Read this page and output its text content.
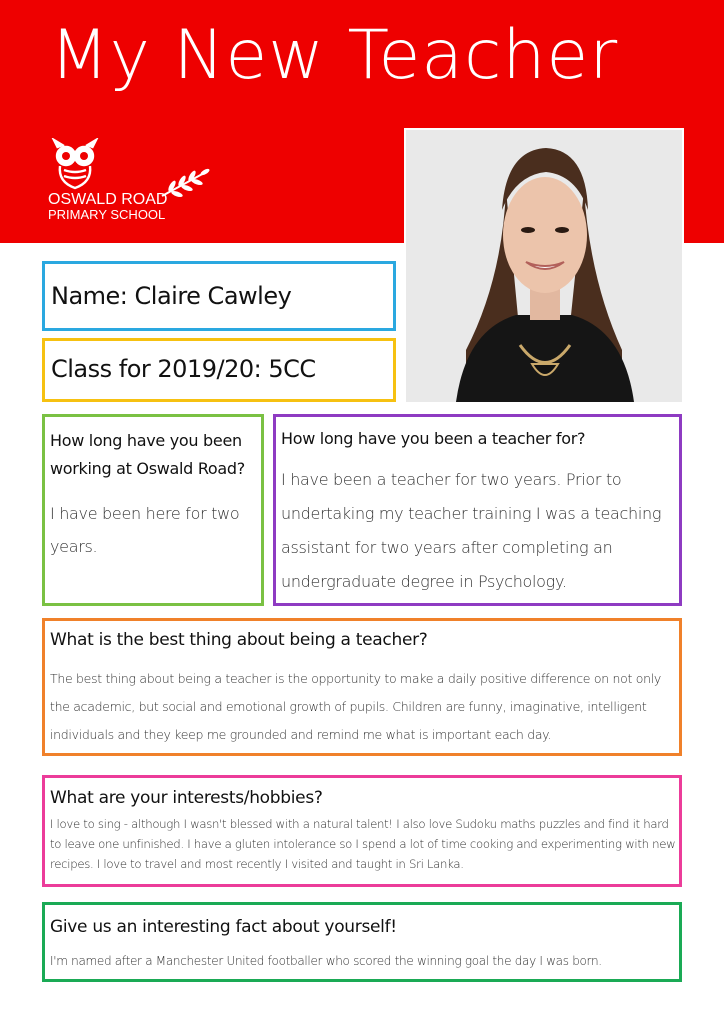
My New Teacher
OSWALD ROAD
PRIMARY SCHOOL
Name: Claire Cawley
Class for 2019/20: 5CC
How long have you been working at Oswald Road?
I have been here for two years.
How long have you been a teacher for?
I have been a teacher for two years. Prior to undertaking my teacher training I was a teaching assistant for two years after completing an undergraduate degree in Psychology.
What is the best thing about being a teacher?
The best thing about being a teacher is the opportunity to make a daily positive difference on not only the academic, but social and emotional growth of pupils. Children are funny, imaginative, intelligent individuals and they keep me grounded and remind me what is important each day.
What are your interests/hobbies?
I love to sing - although I wasn't blessed with a natural talent! I also love Sudoku maths puzzles and find it hard to leave one unfinished. I have a gluten intolerance so I spend a lot of time cooking and experimenting with new recipes. I love to travel and most recently I visited and taught in Sri Lanka.
Give us an interesting fact about yourself!
I'm named after a Manchester United footballer who scored the winning goal the day I was born.
